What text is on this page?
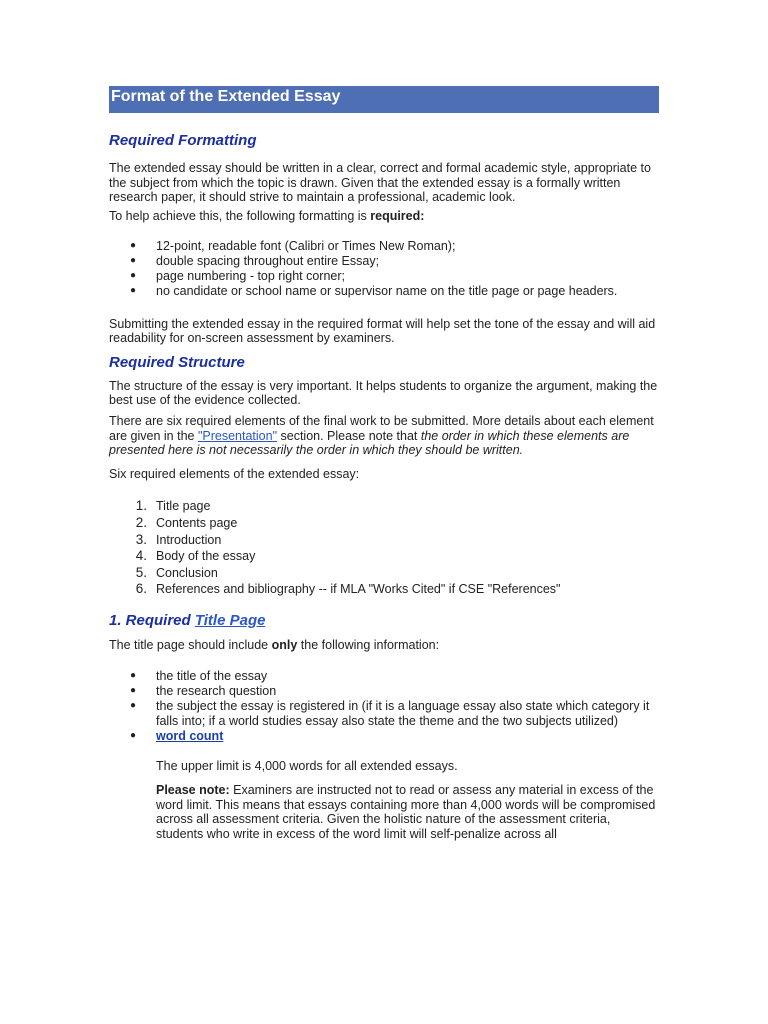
Format of the Extended Essay
Required Formatting

The extended essay should be written in a clear, correct and formal academic style, appropriate to the subject from which the topic is drawn. Given that the extended essay is a formally written research paper, it should strive to maintain a professional, academic look.

To help achieve this, the following formatting is required:

● 12-point, readable font (Calibri or Times New Roman);
● double spacing throughout entire Essay;
● page numbering - top right corner;
● no candidate or school name or supervisor name on the title page or page headers.

Submitting the extended essay in the required format will help set the tone of the essay and will aid readability for on-screen assessment by examiners.

Required Structure

The structure of the essay is very important. It helps students to organize the argument, making the best use of the evidence collected.

There are six required elements of the final work to be submitted. More details about each element are given in the "Presentation" section. Please note that the order in which these elements are presented here is not necessarily the order in which they should be written.

Six required elements of the extended essay:

1. Title page
2. Contents page
3. Introduction
4. Body of the essay
5. Conclusion
6. References and bibliography -- if MLA "Works Cited" if CSE "References"
1. Required Title Page

The title page should include only the following information:

● the title of the essay
● the research question
● the subject the essay is registered in (if it is a language essay also state which category it falls into; if a world studies essay also state the theme and the two subjects utilized)
● word count

The upper limit is 4,000 words for all extended essays.

Please note: Examiners are instructed not to read or assess any material in excess of the word limit. This means that essays containing more than 4,000 words will be compromised across all assessment criteria. Given the holistic nature of the assessment criteria, students who write in excess of the word limit will self-penalize across all
